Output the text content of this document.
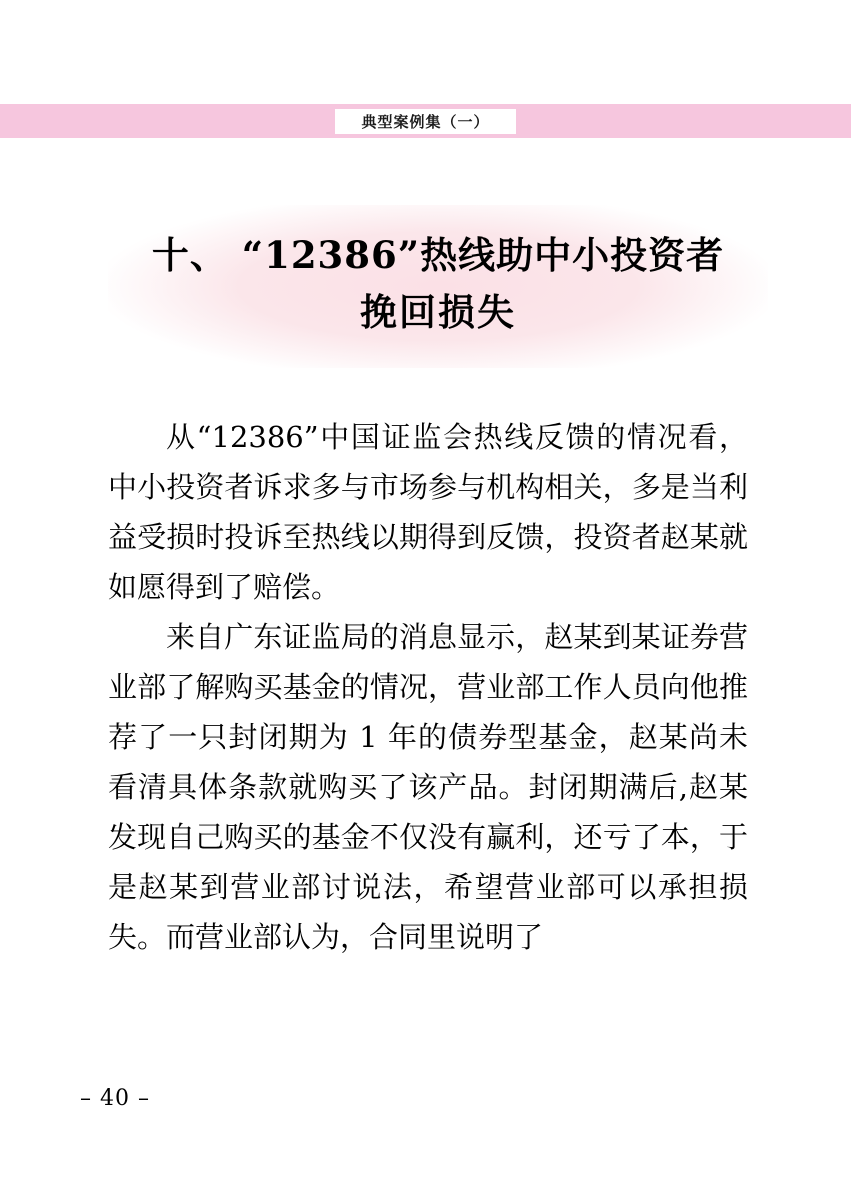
典型案例集（一）
十、 “12386”热线助中小投资者
挽回损失

从“12386”中国证监会热线反馈的情况看，中小投资者诉求多与市场参与机构相关，多是当利益受损时投诉至热线以期得到反馈，投资者赵某就如愿得到了赔偿。

来自广东证监局的消息显示，赵某到某证券营业部了解购买基金的情况，营业部工作人员向他推荐了一只封闭期为 1 年的债券型基金，赵某尚未看清具体条款就购买了该产品。封闭期满后,赵某发现自己购买的基金不仅没有赢利，还亏了本，于是赵某到营业部讨说法，希望营业部可以承担损失。而营业部认为，合同里说明了

– 40 –
